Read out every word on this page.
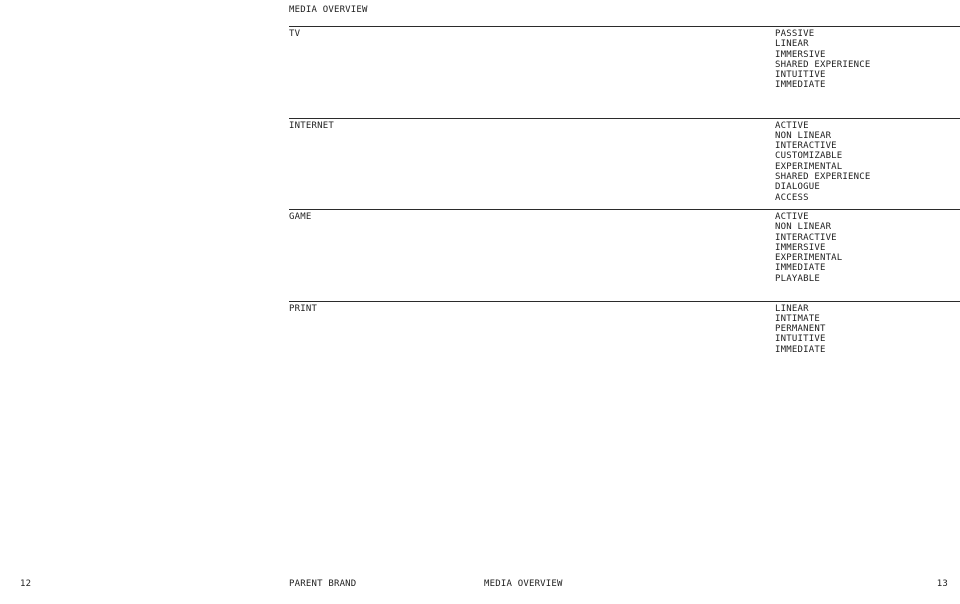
MEDIA OVERVIEW
TV	PASSIVE
LINEAR
IMMERSIVE
SHARED EXPERIENCE
INTUITIVE
IMMEDIATE
INTERNET	ACTIVE
NON LINEAR
INTERACTIVE
CUSTOMIZABLE
EXPERIMENTAL
SHARED EXPERIENCE
DIALOGUE
ACCESS
GAME	ACTIVE
NON LINEAR
INTERACTIVE
IMMERSIVE
EXPERIMENTAL
IMMEDIATE
PLAYABLE
PRINT	LINEAR
INTIMATE
PERMANENT
INTUITIVE
IMMEDIATE
12	PARENT BRAND	MEDIA OVERVIEW	13
